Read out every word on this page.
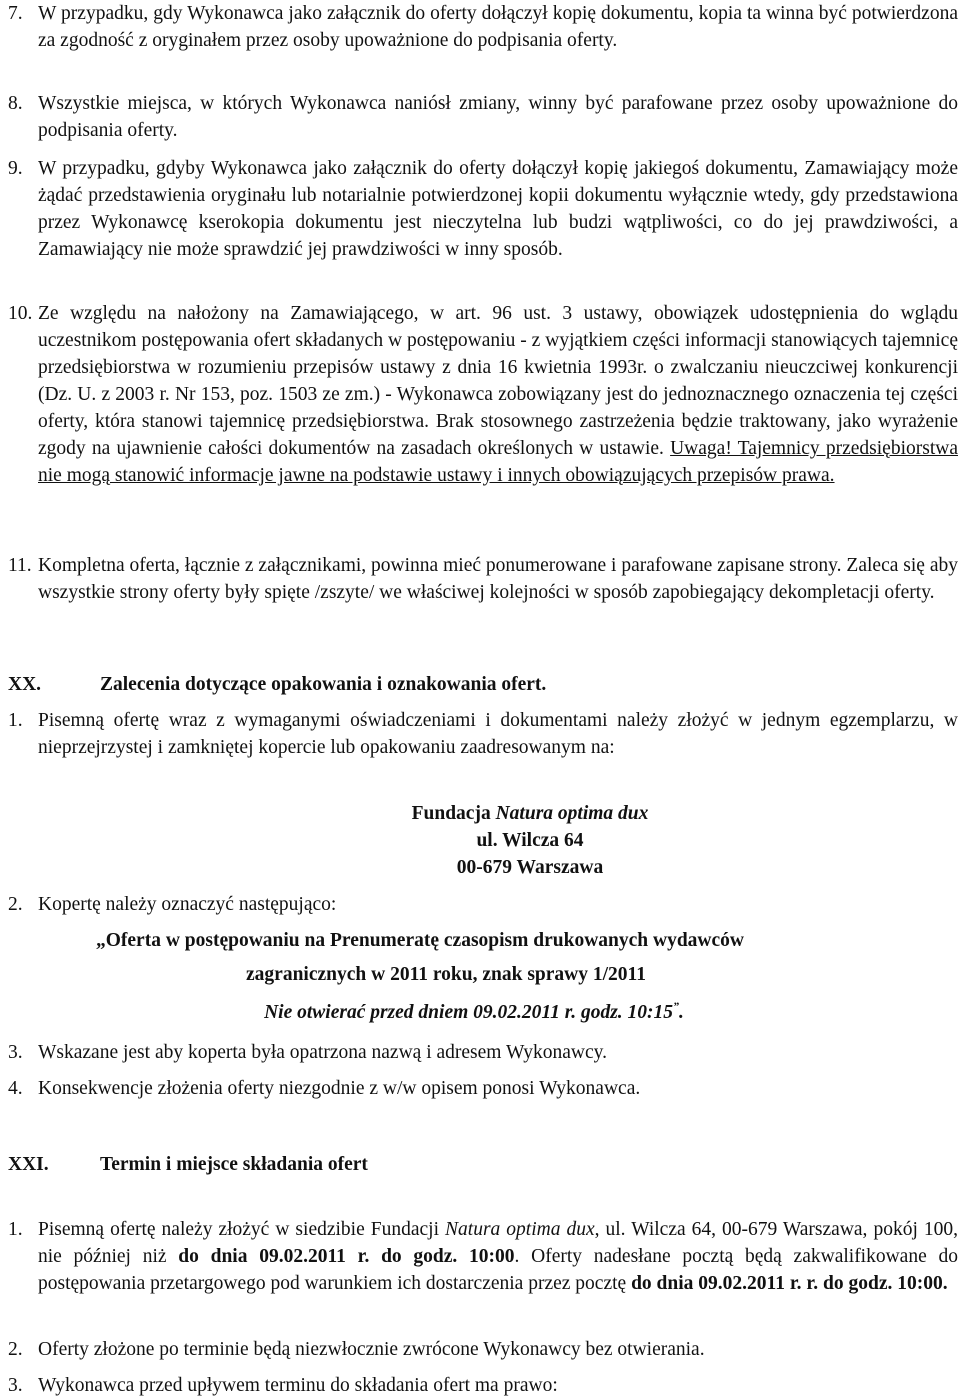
7. W przypadku, gdy Wykonawca jako załącznik do oferty dołączył kopię dokumentu, kopia ta winna być potwierdzona za zgodność z oryginałem przez osoby upoważnione do podpisania oferty.
8. Wszystkie miejsca, w których Wykonawca naniósł zmiany, winny być parafowane przez osoby upoważnione do podpisania oferty.
9. W przypadku, gdyby Wykonawca jako załącznik do oferty dołączył kopię jakiegoś dokumentu, Zamawiający może żądać przedstawienia oryginału lub notarialnie potwierdzonej kopii dokumentu wyłącznie wtedy, gdy przedstawiona przez Wykonawcę kserokopia dokumentu jest nieczytelna lub budzi wątpliwości, co do jej prawdziwości, a Zamawiający nie może sprawdzić jej prawdziwości w inny sposób.
10. Ze względu na nałożony na Zamawiającego, w art. 96 ust. 3 ustawy, obowiązek udostępnienia do wglądu uczestnikom postępowania ofert składanych w postępowaniu - z wyjątkiem części informacji stanowiących tajemnicę przedsiębiorstwa w rozumieniu przepisów ustawy z dnia 16 kwietnia 1993r. o zwalczaniu nieuczciwej konkurencji (Dz. U. z 2003 r. Nr 153, poz. 1503 ze zm.) - Wykonawca zobowiązany jest do jednoznacznego oznaczenia tej części oferty, która stanowi tajemnicę przedsiębiorstwa. Brak stosownego zastrzeżenia będzie traktowany, jako wyrażenie zgody na ujawnienie całości dokumentów na zasadach określonych w ustawie. Uwaga! Tajemnicy przedsiębiorstwa nie mogą stanowić informacje jawne na podstawie ustawy i innych obowiązujących przepisów prawa.
11. Kompletna oferta, łącznie z załącznikami, powinna mieć ponumerowane i parafowane zapisane strony. Zaleca się aby wszystkie strony oferty były spięte /zszyte/ we właściwej kolejności w sposób zapobiegający dekompletacji oferty.
XX.	Zalecenia dotyczące opakowania i oznakowania ofert.
1. Pisemną ofertę wraz z wymaganymi oświadczeniami i dokumentami należy złożyć w jednym egzemplarzu, w nieprzejrzystej i zamkniętej kopercie lub opakowaniu zaadresowanym na:
Fundacja Natura optima dux
ul. Wilcza 64
00-679 Warszawa
2. Kopertę należy oznaczyć następująco:
„Oferta w postępowaniu na Prenumeratę czasopism drukowanych wydawców
zagranicznych w 2011 roku, znak sprawy 1/2011
Nie otwierać przed dniem 09.02.2011 r. godz. 10:15”.
3. Wskazane jest aby koperta była opatrzona nazwą i adresem Wykonawcy.
4. Konsekwencje złożenia oferty niezgodnie z w/w opisem ponosi Wykonawca.
XXI.	Termin i miejsce składania ofert
1. Pisemną ofertę należy złożyć w siedzibie Fundacji Natura optima dux, ul. Wilcza 64, 00-679 Warszawa, pokój 100, nie później niż do dnia 09.02.2011 r. do godz. 10:00. Oferty nadesłane pocztą będą zakwalifikowane do postępowania przetargowego pod warunkiem ich dostarczenia przez pocztę do dnia 09.02.2011 r. r. do godz. 10:00.
2. Oferty złożone po terminie będą niezwłocznie zwrócone Wykonawcy bez otwierania.
3. Wykonawca przed upływem terminu do składania ofert ma prawo:
